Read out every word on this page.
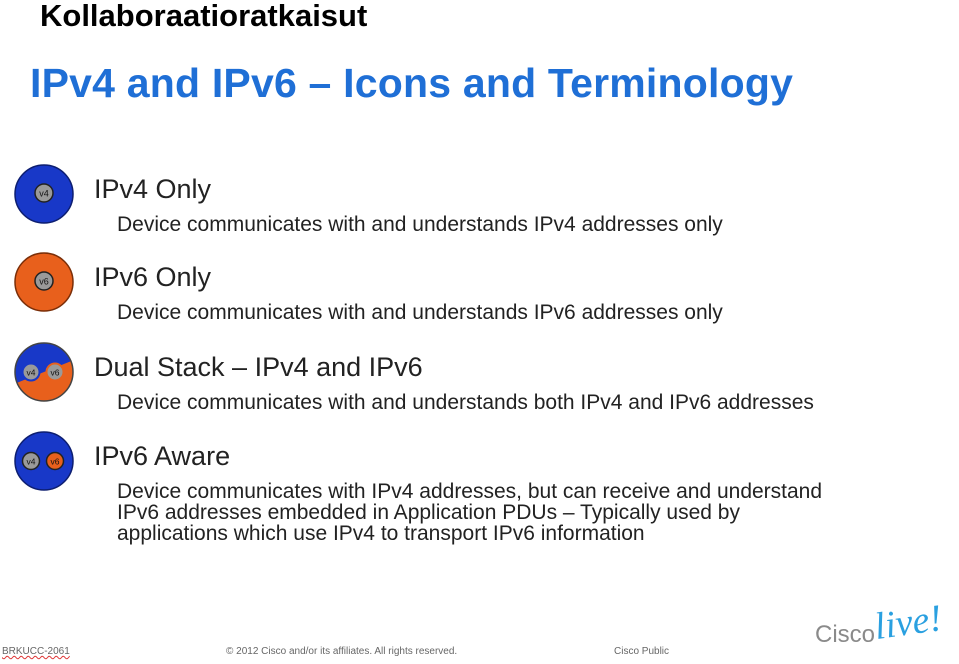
Kollaboraatioratkaisut
IPv4 and IPv6 – Icons and Terminology
v4 IPv4 Only
Device communicates with and understands IPv4 addresses only
v6 IPv6 Only
Device communicates with and understands IPv6 addresses only
v4 v6 Dual Stack – IPv4 and IPv6
Device communicates with and understands both IPv4 and IPv6 addresses
v4 v6 IPv6 Aware
Device communicates with IPv4 addresses, but can receive and understand
IPv6 addresses embedded in Application PDUs – Typically used by
applications which use IPv4 to transport IPv6 information
BRKUCC-2061	© 2012 Cisco and/or its affiliates. All rights reserved.	Cisco Public
Cisco
live!
